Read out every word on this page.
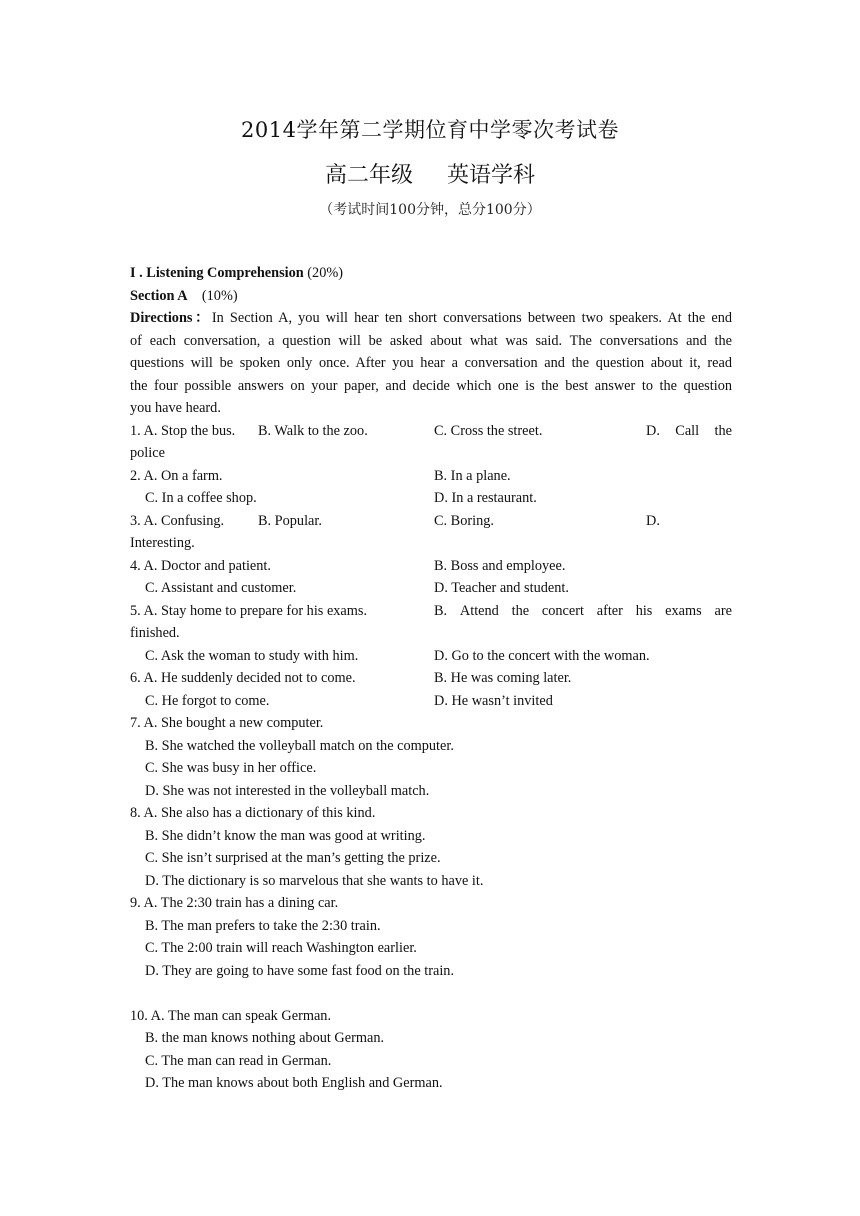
2014学年第二学期位育中学零次考试卷
高二年级 英语学科
（考试时间100分钟，总分100分）
I . Listening Comprehension (20%)
Section A (10%)
Directions：In Section A, you will hear ten short conversations between two speakers. At the end
of each conversation, a question will be asked about what was said. The conversations and the
questions will be spoken only once. After you hear a conversation and the question about it, read
the four possible answers on your paper, and decide which one is the best answer to the question
you have heard.
1. A. Stop the bus. B. Walk to the zoo.	C. Cross the street.	D. Call the
police
2. A. On a farm.	B. In a plane.
C. In a coffee shop.	D. In a restaurant.
3. A. Confusing. B. Popular.	C. Boring.	D.
Interesting.
4. A. Doctor and patient.	B. Boss and employee.
C. Assistant and customer.	D. Teacher and student.
5. A. Stay home to prepare for his exams.	B. Attend the concert after his exams are
finished.
C. Ask the woman to study with him.	D. Go to the concert with the woman.
6. A. He suddenly decided not to come.	B. He was coming later.
C. He forgot to come.	D. He wasn’t invited
7. A. She bought a new computer.
B. She watched the volleyball match on the computer.
C. She was busy in her office.
D. She was not interested in the volleyball match.
8. A. She also has a dictionary of this kind.
B. She didn’t know the man was good at writing.
C. She isn’t surprised at the man’s getting the prize.
D. The dictionary is so marvelous that she wants to have it.
9. A. The 2:30 train has a dining car.
B. The man prefers to take the 2:30 train.
C. The 2:00 train will reach Washington earlier.
D. They are going to have some fast food on the train.
10. A. The man can speak German.
B. the man knows nothing about German.
C. The man can read in German.
D. The man knows about both English and German.
